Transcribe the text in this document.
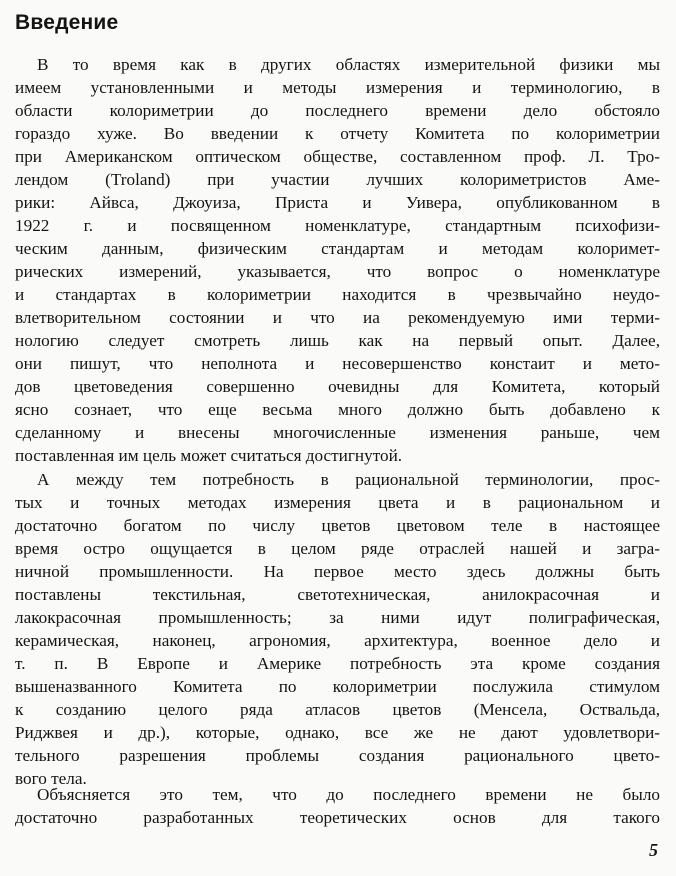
Введение
В то время как в других областях измерительной физики мы
имеем установленными и методы измерения и терминологию, в
области колориметрии до последнего времени дело обстояло
гораздо хуже. Во введении к отчету Комитета по колориметрии
при Американском оптическом обществе, составленном проф. Л. Тро-
лендом (Troland) при участии лучших колориметристов Аме-
рики: Айвса, Джоуиза, Приста и Уивера, опубликованном в
1922 г. и посвященном номенклатуре, стандартным психофизи-
ческим данным, физическим стандартам и методам колоримет-
рических измерений, указывается, что вопрос о номенклатуре
и стандартах в колориметрии находится в чрезвычайно неудо-
влетворительном состоянии и что иа рекомендуемую ими терми-
нологию следует смотреть лишь как на первый опыт. Далее,
они пишут, что неполнота и несовершенство констаит и мето-
дов цветоведения совершенно очевидны для Комитета, который
ясно сознает, что еще весьма много должно быть добавлено к
сделанному и внесены многочисленные изменения раньше, чем
поставленная им цель может считаться достигнутой.
А между тем потребность в рациональной терминологии, прос-
тых и точных методах измерения цвета и в рациональном и
достаточно богатом по числу цветов цветовом теле в настоящее
время остро ощущается в целом ряде отраслей нашей и загра-
ничной промышленности. На первое место здесь должны быть
поставлены текстильная, светотехническая, анилокрасочная и
лакокрасочная промышленность; за ними идут полиграфическая,
керамическая, наконец, агрономия, архитектура, военное дело и
т. п. В Европе и Америке потребность эта кроме создания
вышеназванного Комитета по колориметрии послужила стимулом
к созданию целого ряда атласов цветов (Менсела, Оствальда,
Риджвея и др.), которые, однако, все же не дают удовлетвори-
тельного разрешения проблемы создания рационального цвето-
вого тела.
Объясняется это тем, что до последнего времени не было
достаточно разработанных теоретических основ для такого
5
